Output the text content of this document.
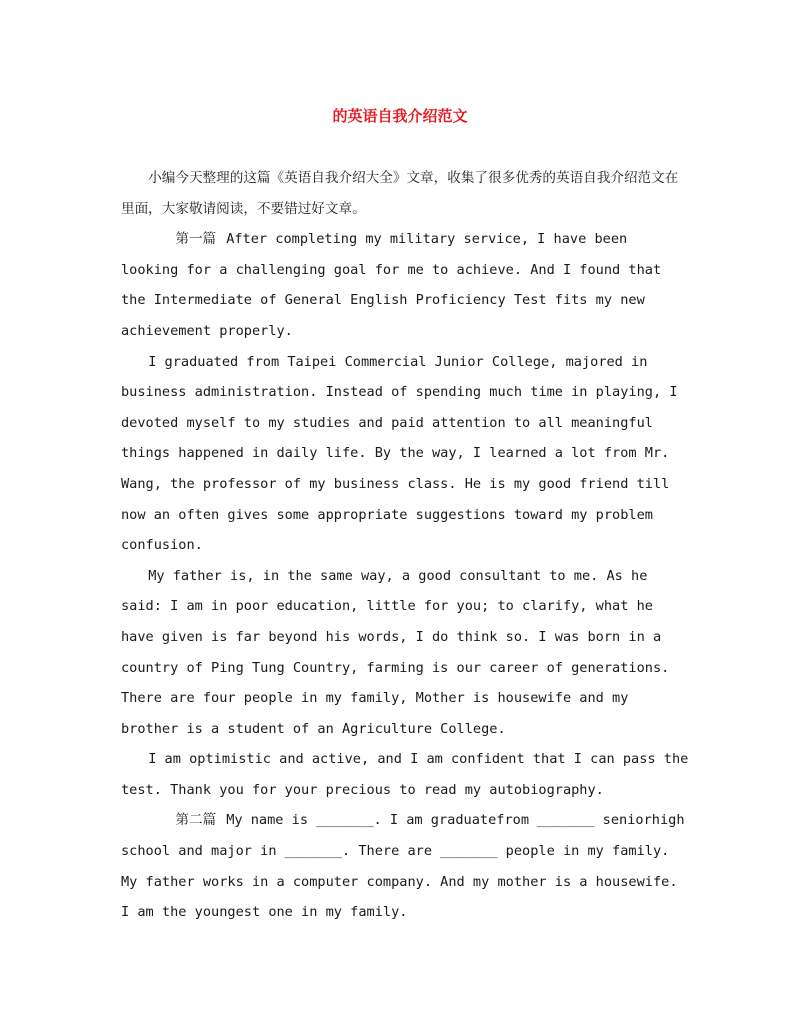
的英语自我介绍范文

小编今天整理的这篇《英语自我介绍大全》文章，收集了很多优秀的英语自我介绍范文在里面，大家敬请阅读，不要错过好文章。

第一篇 After completing my military service, I have been looking for a challenging goal for me to achieve. And I found that the Intermediate of General English Proficiency Test fits my new achievement properly.

I graduated from Taipei Commercial Junior College, majored in business administration. Instead of spending much time in playing, I devoted myself to my studies and paid attention to all meaningful things happened in daily life. By the way, I learned a lot from Mr. Wang, the professor of my business class. He is my good friend till now an often gives some appropriate suggestions toward my problem confusion.

My father is, in the same way, a good consultant to me. As he said: I am in poor education, little for you; to clarify, what he have given is far beyond his words, I do think so. I was born in a country of Ping Tung Country, farming is our career of generations. There are four people in my family, Mother is housewife and my brother is a student of an Agriculture College.

I am optimistic and active, and I am confident that I can pass the test. Thank you for your precious to read my autobiography.

第二篇 My name is _______. I am graduatefrom _______ seniorhigh school and major in _______. There are _______ people in my family. My father works in a computer company. And my mother is a housewife. I am the youngest one in my family.
